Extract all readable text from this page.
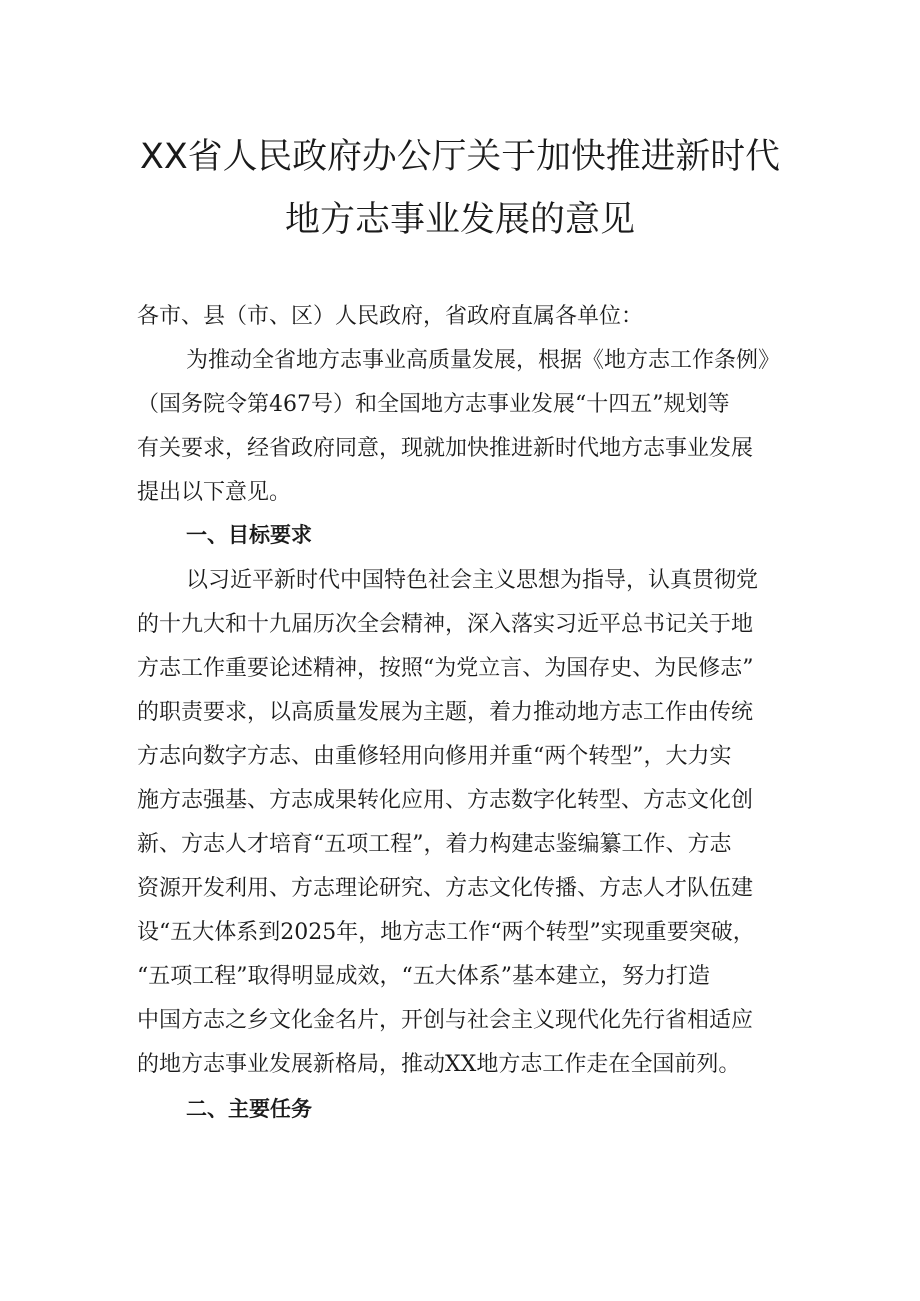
XX省人民政府办公厅关于加快推进新时代
地方志事业发展的意见

各市、县（市、区）人民政府，省政府直属各单位：

为推动全省地方志事业高质量发展，根据《地方志工作条例》

（国务院令第467号）和全国地方志事业发展“十四五”规划等

有关要求，经省政府同意，现就加快推进新时代地方志事业发展

提出以下意见。

一、目标要求

以习近平新时代中国特色社会主义思想为指导，认真贯彻党

的十九大和十九届历次全会精神，深入落实习近平总书记关于地

方志工作重要论述精神，按照“为党立言、为国存史、为民修志”

的职责要求，以高质量发展为主题，着力推动地方志工作由传统

方志向数字方志、由重修轻用向修用并重“两个转型”，大力实

施方志强基、方志成果转化应用、方志数字化转型、方志文化创

新、方志人才培育“五项工程”，着力构建志鉴编纂工作、方志

资源开发利用、方志理论研究、方志文化传播、方志人才队伍建

设“五大体系到2025年，地方志工作“两个转型”实现重要突破，

“五项工程”取得明显成效，“五大体系”基本建立，努力打造

中国方志之乡文化金名片，开创与社会主义现代化先行省相适应

的地方志事业发展新格局，推动XX地方志工作走在全国前列。

二、主要任务
